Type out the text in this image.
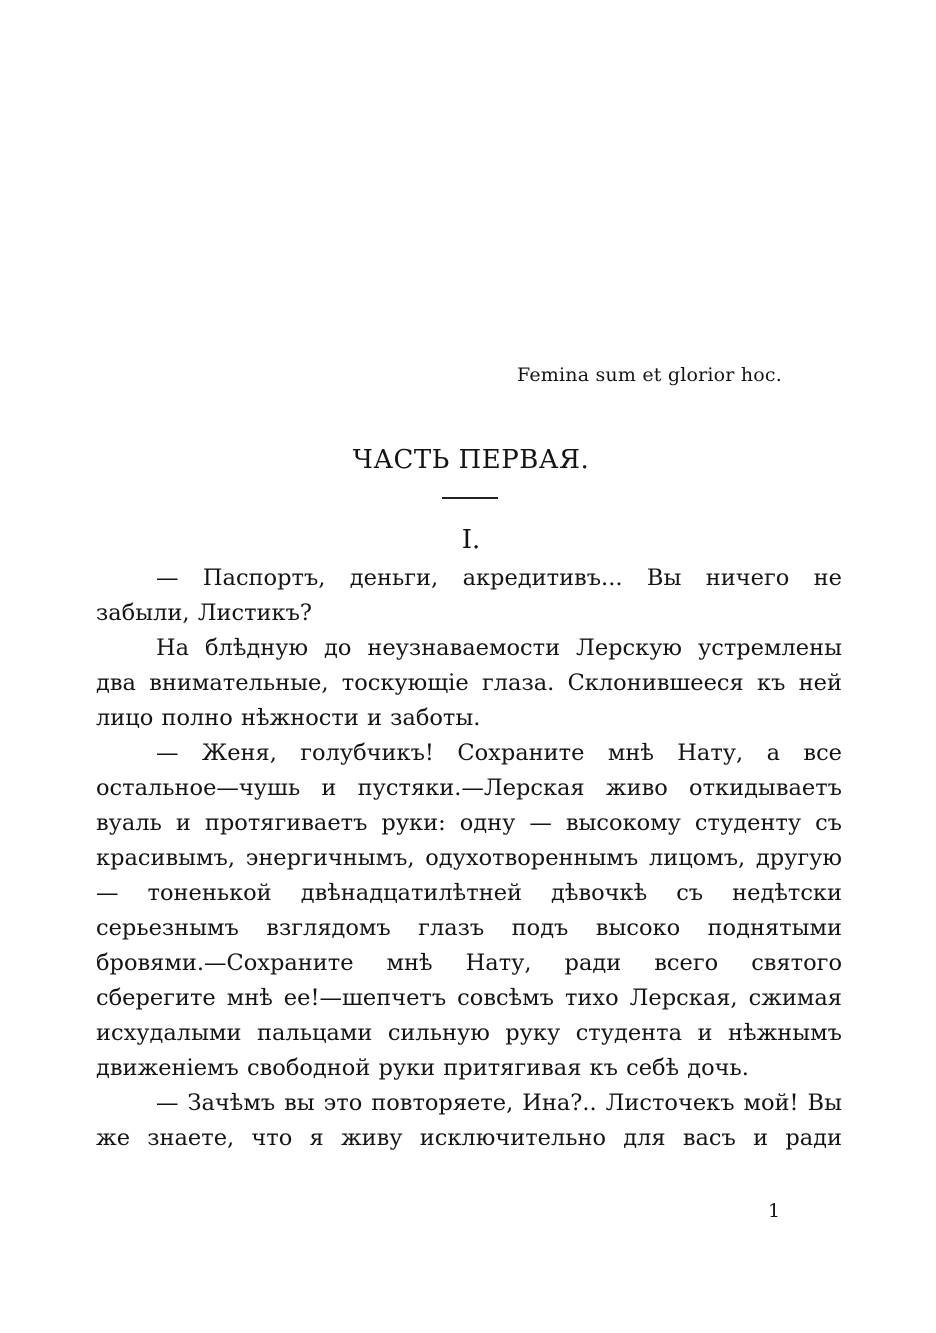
Femina sum et glorior hoc.
ЧАСТЬ ПЕРВАЯ.
I.

— Паспортъ, деньги, акредитивъ... Вы ничего не забыли, Листикъ?

На блѣдную до неузнаваемости Лерскую устремлены два внимательные, тоскующіе глаза. Склонившееся къ ней лицо полно нѣжности и заботы.

— Женя, голубчикъ! Сохраните мнѣ Нату, а все остальное—чушь и пустяки.—Лерская живо откидываетъ вуаль и протягиваетъ руки: одну — высокому студенту съ красивымъ, энергичнымъ, одухотвореннымъ лицомъ, другую — тоненькой двѣнадцатилѣтней дѣвочкѣ съ недѣтски серьезнымъ взглядомъ глазъ подъ высоко поднятыми бровями.—Сохраните мнѣ Нату, ради всего святого сберегите мнѣ ее!—шепчетъ совсѣмъ тихо Лерская, сжимая исхудалыми пальцами сильную руку студента и нѣжнымъ движеніемъ свободной руки притягивая къ себѣ дочь.

— Зачѣмъ вы это повторяете, Ина?.. Листочекъ мой! Вы же знаете, что я живу исключительно для васъ и ради

1
